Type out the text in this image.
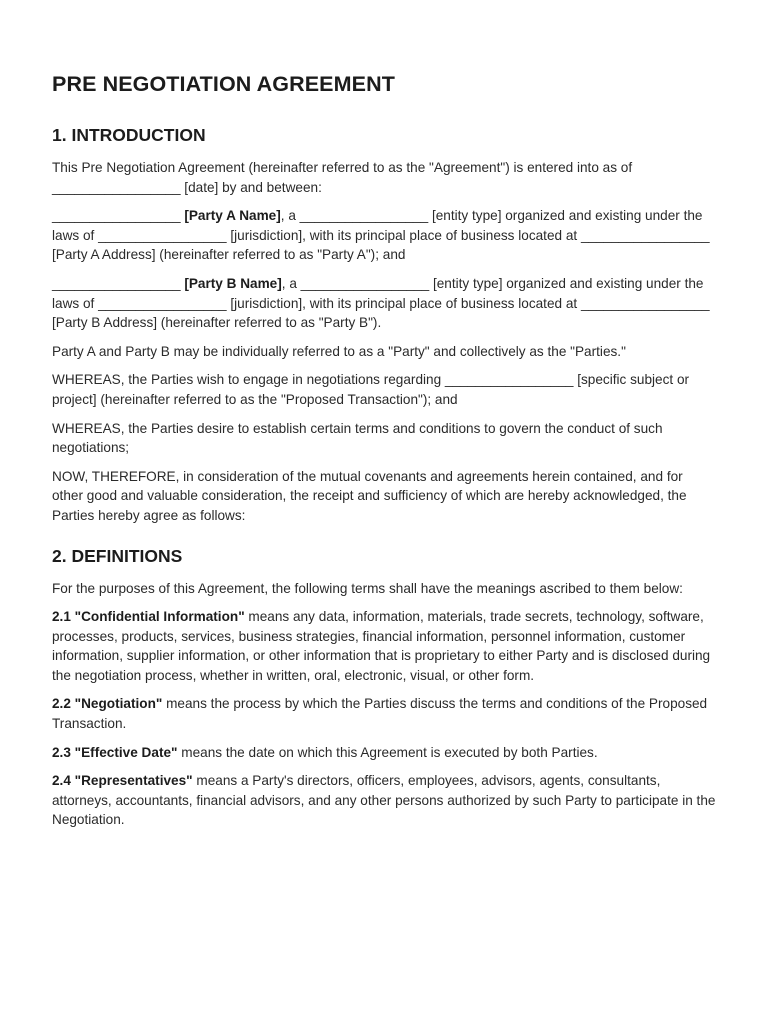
PRE NEGOTIATION AGREEMENT
1. INTRODUCTION

This Pre Negotiation Agreement (hereinafter referred to as the "Agreement") is entered into as of _________________ [date] by and between:

_________________ [Party A Name], a _________________ [entity type] organized and existing under the laws of _________________ [jurisdiction], with its principal place of business located at _________________ [Party A Address] (hereinafter referred to as "Party A"); and

_________________ [Party B Name], a _________________ [entity type] organized and existing under the laws of _________________ [jurisdiction], with its principal place of business located at _________________ [Party B Address] (hereinafter referred to as "Party B").

Party A and Party B may be individually referred to as a "Party" and collectively as the "Parties."

WHEREAS, the Parties wish to engage in negotiations regarding _________________ [specific subject or project] (hereinafter referred to as the "Proposed Transaction"); and

WHEREAS, the Parties desire to establish certain terms and conditions to govern the conduct of such negotiations;

NOW, THEREFORE, in consideration of the mutual covenants and agreements herein contained, and for other good and valuable consideration, the receipt and sufficiency of which are hereby acknowledged, the Parties hereby agree as follows:

2. DEFINITIONS

For the purposes of this Agreement, the following terms shall have the meanings ascribed to them below:

2.1 "Confidential Information" means any data, information, materials, trade secrets, technology, software, processes, products, services, business strategies, financial information, personnel information, customer information, supplier information, or other information that is proprietary to either Party and is disclosed during the negotiation process, whether in written, oral, electronic, visual, or other form.

2.2 "Negotiation" means the process by which the Parties discuss the terms and conditions of the Proposed Transaction.

2.3 "Effective Date" means the date on which this Agreement is executed by both Parties.

2.4 "Representatives" means a Party's directors, officers, employees, advisors, agents, consultants, attorneys, accountants, financial advisors, and any other persons authorized by such Party to participate in the Negotiation.
